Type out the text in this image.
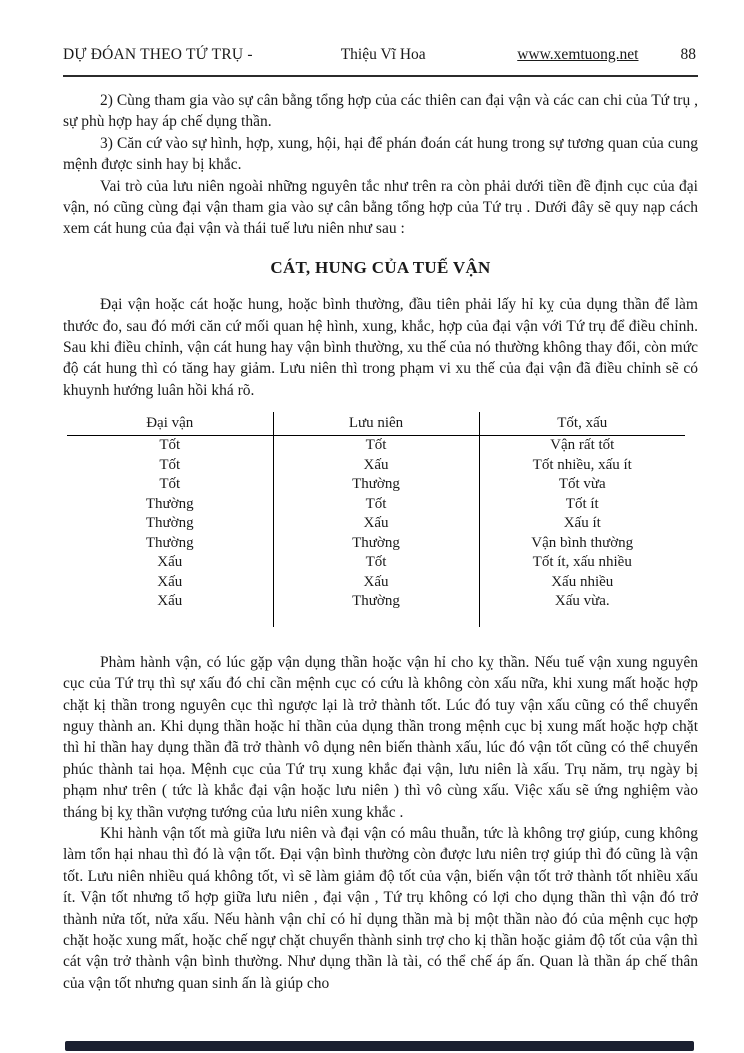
DỰ ĐÓAN THEO TỨ TRỤ -	Thiệu Vĩ Hoa	www.xemtuong.net	88

2) Cùng tham gia vào sự cân bằng tổng hợp của các thiên can đại vận và các can chi của Tứ trụ , sự phù hợp hay áp chế dụng thần.

3) Căn cứ vào sự hình, hợp, xung, hội, hại để phán đoán cát hung trong sự tương quan của cung mệnh được sinh hay bị khắc.

Vai trò của lưu niên ngoài những nguyên tắc như trên ra còn phải dưới tiền đề định cục của đại vận, nó cũng cùng đại vận tham gia vào sự cân bằng tổng hợp của Tứ trụ . Dưới đây sẽ quy nạp cách xem cát hung của đại vận và thái tuế lưu niên như sau :

CÁT, HUNG CỦA TUẾ VẬN

Đại vận hoặc cát hoặc hung, hoặc bình thường, đầu tiên phải lấy hỉ kỵ của dụng thần để làm thước đo, sau đó mới căn cứ mối quan hệ hình, xung, khắc, hợp của đại vận với Tứ trụ để điều chỉnh. Sau khi điều chỉnh, vận cát hung hay vận bình thường, xu thế của nó thường không thay đổi, còn mức độ cát hung thì có tăng hay giảm. Lưu niên thì trong phạm vi xu thế của đại vận đã điều chỉnh sẽ có khuynh hướng luân hồi khá rõ.

Đại vận	Lưu niên	Tốt, xấu
Tốt	Tốt	Vận rất tốt
Tốt	Xấu	Tốt nhiều, xấu ít
Tốt	Thường	Tốt vừa
Thường	Tốt	Tốt ít
Thường	Xấu	Xấu ít
Thường	Thường	Vận bình thường
Xấu	Tốt	Tốt ít, xấu nhiều
Xấu	Xấu	Xấu nhiều
Xấu	Thường	Xấu vừa.

Phàm hành vận, có lúc gặp vận dụng thần hoặc vận hỉ cho kỵ thần. Nếu tuế vận xung nguyên cục của Tứ trụ thì sự xấu đó chỉ cần mệnh cục có cứu là không còn xấu nữa, khi xung mất hoặc hợp chặt kị thần trong nguyên cục thì ngược lại là trở thành tốt. Lúc đó tuy vận xấu cũng có thể chuyển nguy thành an. Khi dụng thần hoặc hỉ thần của dụng thần trong mệnh cục bị xung mất hoặc hợp chặt thì hỉ thần hay dụng thần đã trở thành vô dụng nên biến thành xấu, lúc đó vận tốt cũng có thể chuyển phúc thành tai họa. Mệnh cục của Tứ trụ xung khắc đại vận, lưu niên là xấu. Trụ năm, trụ ngày bị phạm như trên ( tức là khắc đại vận hoặc lưu niên ) thì vô cùng xấu. Việc xấu sẽ ứng nghiệm vào tháng bị kỵ thần vượng tướng của lưu niên xung khắc .

Khi hành vận tốt mà giữa lưu niên và đại vận có mâu thuẫn, tức là không trợ giúp, cung không làm tổn hại nhau thì đó là vận tốt. Đại vận bình thường còn được lưu niên trợ giúp thì đó cũng là vận tốt. Lưu niên nhiều quá không tốt, vì sẽ làm giảm độ tốt của vận, biến vận tốt trở thành tốt nhiều xấu ít. Vận tốt nhưng tổ hợp giữa lưu niên , đại vận , Tứ trụ không có lợi cho dụng thần thì vận đó trở thành nửa tốt, nửa xấu. Nếu hành vận chỉ có hỉ dụng thần mà bị một thần nào đó của mệnh cục hợp chặt hoặc xung mất, hoặc chế ngự chặt chuyển thành sinh trợ cho kị thần hoặc giảm độ tốt của vận thì cát vận trở thành vận bình thường. Như dụng thần là tài, có thể chế áp ấn. Quan là thần áp chế thân của vận tốt nhưng quan sinh ấn là giúp cho
